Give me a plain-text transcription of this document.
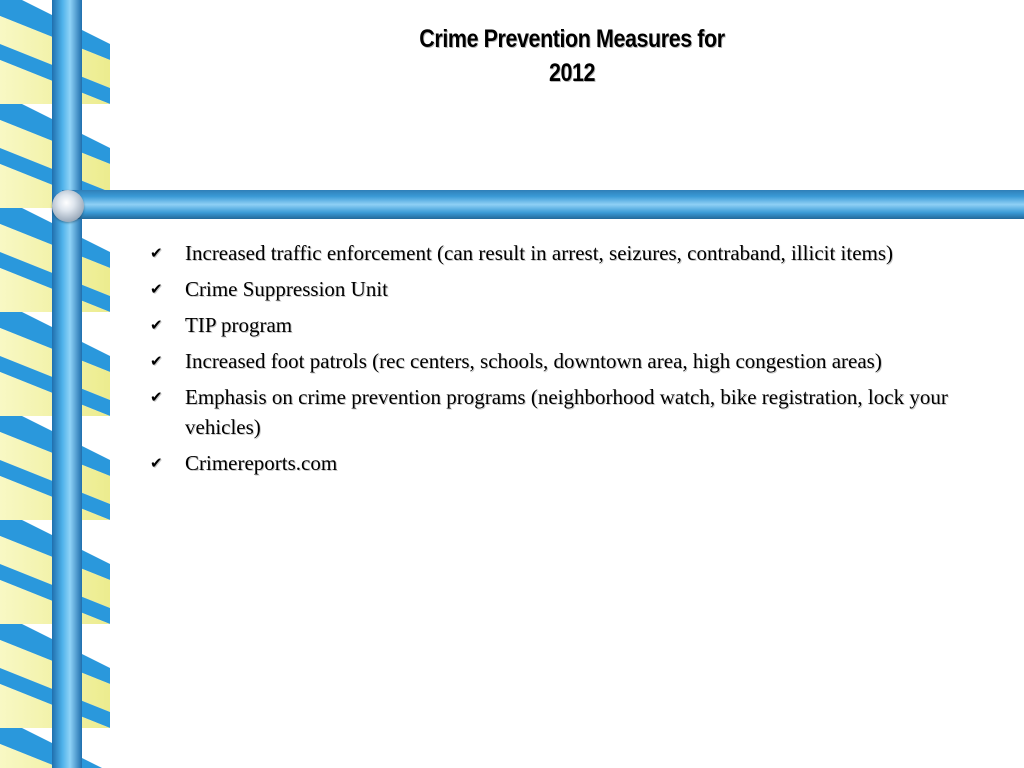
Crime Prevention Measures for
2012
✔ Increased traffic enforcement (can result in arrest, seizures, contraband, illicit items)
✔ Crime Suppression Unit
✔ TIP program
✔ Increased foot patrols (rec centers, schools, downtown area, high congestion areas)
✔ Emphasis on crime prevention programs (neighborhood watch, bike registration, lock your vehicles)
✔ Crimereports.com
